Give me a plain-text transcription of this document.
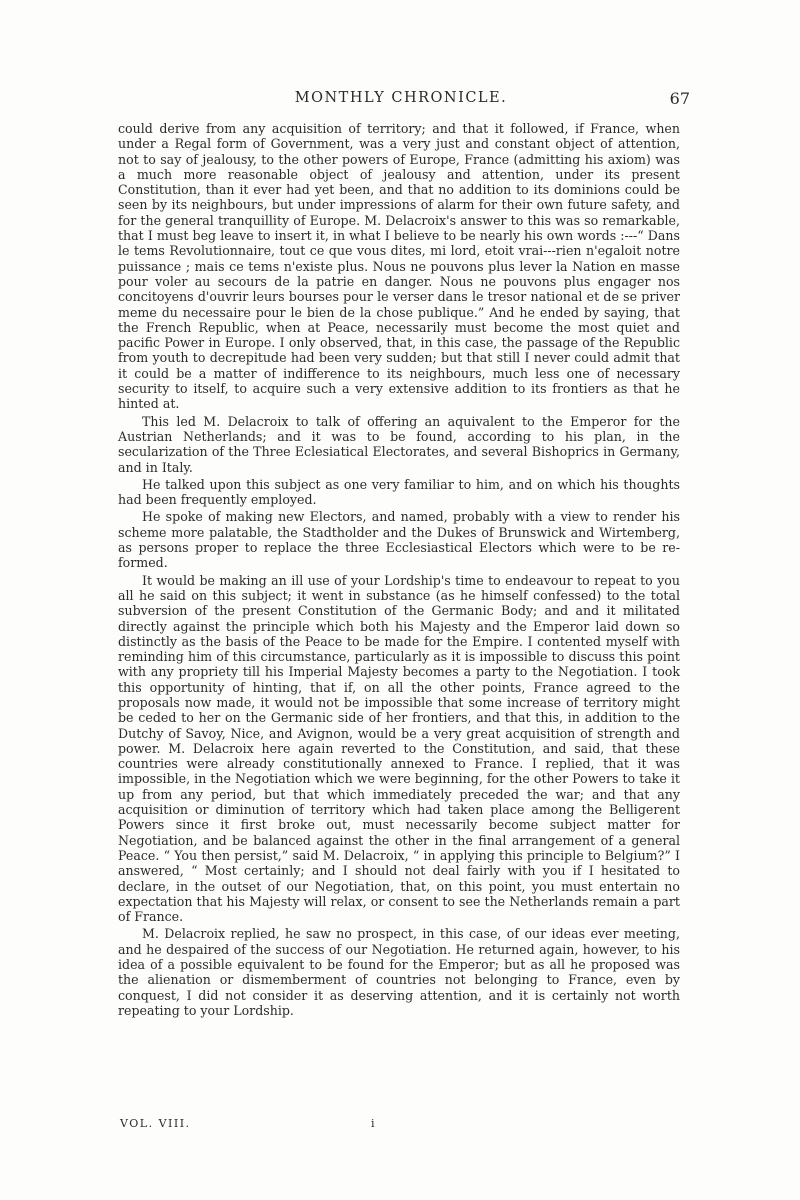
MONTHLY CHRONICLE.	67

could derive from any acquisition of territory; and that it followed, if France, when under a Regal form of Government, was a very just and constant object of attention, not to say of jealousy, to the other powers of Europe, France (admitting his axiom) was a much more reasonable object of jealousy and attention, under its present Constitution, than it ever had yet been, and that no addition to its dominions could be seen by its neighbours, but under impressions of alarm for their own future safety, and for the general tranquillity of Europe. M. Delacroix's answer to this was so remarkable, that I must beg leave to insert it, in what I believe to be nearly his own words :---“ Dans le tems Revolutionnaire, tout ce que vous dites, mi lord, etoit vrai---rien n'egaloit notre puissance ; mais ce tems n'existe plus. Nous ne pouvons plus lever la Nation en masse pour voler au secours de la patrie en danger. Nous ne pouvons plus engager nos concitoyens d'ouvrir leurs bourses pour le verser dans le tresor national et de se priver meme du necessaire pour le bien de la chose publique.” And he ended by saying, that the French Republic, when at Peace, necessarily must become the most quiet and pacific Power in Europe. I only observed, that, in this case, the passage of the Republic from youth to decrepitude had been very sudden; but that still I never could admit that it could be a matter of indifference to its neighbours, much less one of necessary security to itself, to acquire such a very extensive addition to its frontiers as that he hinted at.

This led M. Delacroix to talk of offering an aquivalent to the Emperor for the Austrian Netherlands; and it was to be found, according to his plan, in the secularization of the Three Eclesiatical Electorates, and several Bishoprics in Germany, and in Italy.

He talked upon this subject as one very familiar to him, and on which his thoughts had been frequently employed.

He spoke of making new Electors, and named, probably with a view to render his scheme more palatable, the Stadtholder and the Dukes of Brunswick and Wirtemberg, as persons proper to replace the three Ecclesiastical Electors which were to be re-formed.

It would be making an ill use of your Lordship's time to endeavour to repeat to you all he said on this subject; it went in substance (as he himself confessed) to the total subversion of the present Constitution of the Germanic Body; and and it militated directly against the principle which both his Majesty and the Emperor laid down so distinctly as the basis of the Peace to be made for the Empire. I contented myself with reminding him of this circumstance, particularly as it is impossible to discuss this point with any propriety till his Imperial Majesty becomes a party to the Negotiation. I took this opportunity of hinting, that if, on all the other points, France agreed to the proposals now made, it would not be impossible that some increase of territory might be ceded to her on the Germanic side of her frontiers, and that this, in addition to the Dutchy of Savoy, Nice, and Avignon, would be a very great acquisition of strength and power. M. Delacroix here again reverted to the Constitution, and said, that these countries were already constitutionally annexed to France. I replied, that it was impossible, in the Negotiation which we were beginning, for the other Powers to take it up from any period, but that which immediately preceded the war; and that any acquisition or diminution of territory which had taken place among the Belligerent Powers since it first broke out, must necessarily become subject matter for Negotiation, and be balanced against the other in the final arrangement of a general Peace. “ You then persist,” said M. Delacroix, “ in applying this principle to Belgium?” I answered, “ Most certainly; and I should not deal fairly with you if I hesitated to declare, in the outset of our Negotiation, that, on this point, you must entertain no expectation that his Majesty will relax, or consent to see the Netherlands remain a part of France.

M. Delacroix replied, he saw no prospect, in this case, of our ideas ever meeting, and he despaired of the success of our Negotiation. He returned again, however, to his idea of a possible equivalent to be found for the Emperor; but as all he proposed was the alienation or dismemberment of countries not belonging to France, even by conquest, I did not consider it as deserving attention, and it is certainly not worth repeating to your Lordship.

VOL. VIII.	i
